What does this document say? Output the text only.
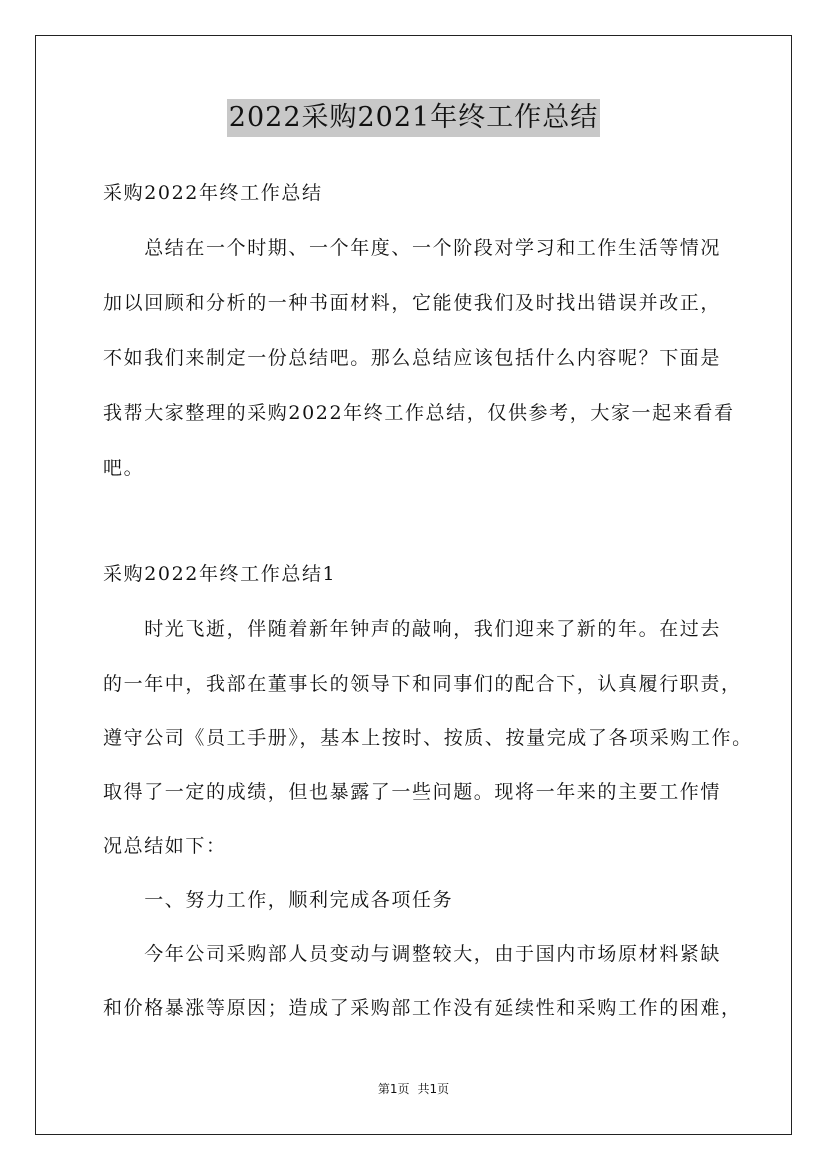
2022采购2021年终工作总结
采购2022年终工作总结
　　总结在一个时期、一个年度、一个阶段对学习和工作生活等情况
加以回顾和分析的一种书面材料，它能使我们及时找出错误并改正，
不如我们来制定一份总结吧。那么总结应该包括什么内容呢？下面是
我帮大家整理的采购2022年终工作总结，仅供参考，大家一起来看看
吧。
采购2022年终工作总结1
　　时光飞逝，伴随着新年钟声的敲响，我们迎来了新的年。在过去
的一年中，我部在董事长的领导下和同事们的配合下，认真履行职责，
遵守公司《员工手册》，基本上按时、按质、按量完成了各项采购工作。
取得了一定的成绩，但也暴露了一些问题。现将一年来的主要工作情
况总结如下：
　　一、努力工作，顺利完成各项任务
　　今年公司采购部人员变动与调整较大，由于国内市场原材料紧缺
和价格暴涨等原因；造成了采购部工作没有延续性和采购工作的困难，
第1页 共1页
